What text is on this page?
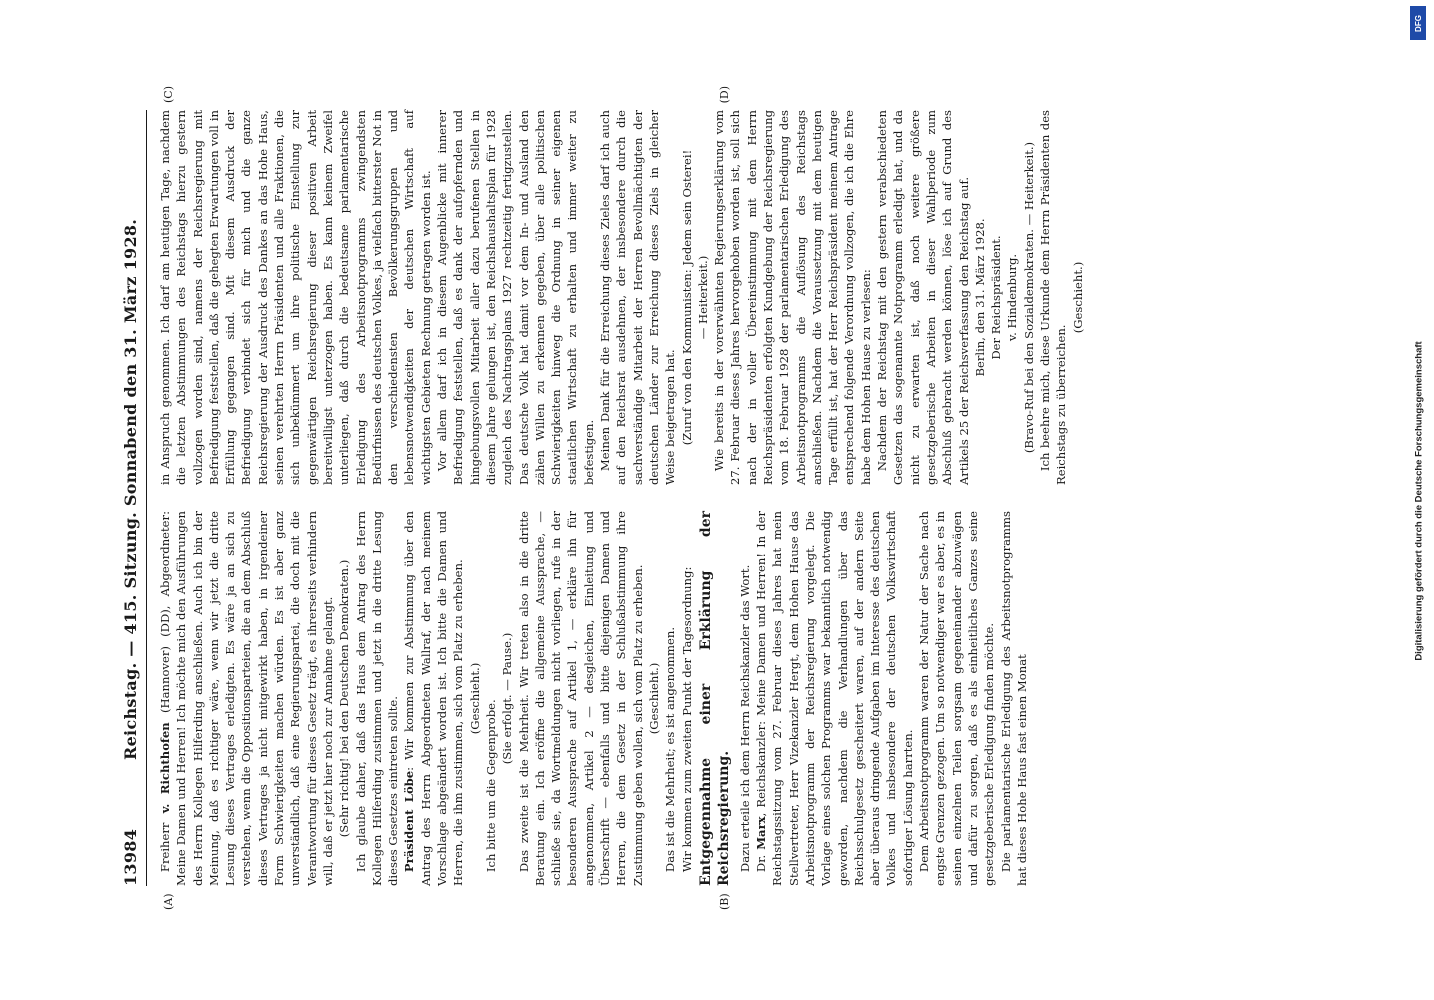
13984
Reichstag. — 415. Sitzung. Sonnabend den 31. März 1928.
(A)	(B)

Freiherr v. Richthofen (Hannover) (DD), Abgeordneter: Meine Damen und Herren! Ich möchte mich den Ausführungen des Herrn Kollegen Hilferding anschließen. Auch ich bin der Meinung, daß es richtiger wäre, wenn wir jetzt die dritte Lesung dieses Vertrages erledigten. Es wäre ja an sich zu verstehen, wenn die Oppositionsparteien, die an dem Abschluß dieses Vertrages ja nicht mitgewirkt haben, in irgendeiner Form Schwierigkeiten machen würden. Es ist aber ganz unverständlich, daß eine Regierungspartei, die doch mit die Verantwortung für dieses Gesetz trägt, es ihrerseits verhindern will, daß er jetzt hier noch zur Annahme gelangt. (Sehr richtig! bei den Deutschen Demokraten.) Ich glaube daher, daß das Haus dem Antrag des Herrn Kollegen Hilferding zustimmen und jetzt in die dritte Lesung dieses Gesetzes eintreten sollte. Präsident Löbe: Wir kommen zur Abstimmung über den Antrag des Herrn Abgeordneten Wallraf, der nach meinem Vorschlage abgeändert worden ist. Ich bitte die Damen und Herren, die ihm zustimmen, sich vom Platz zu erheben. (Geschieht.)

Ich bitte um die Gegenprobe.

(Sie erfolgt. — Pause.) Das zweite ist die Mehrheit. Wir treten also in die dritte Beratung ein. Ich eröffne die allgemeine Aussprache, — schließe sie, da Wortmeldungen nicht vorliegen, rufe in der besonderen Aussprache auf Artikel 1, — erkläre ihn für angenommen, Artikel 2 — desgleichen, Einleitung und Überschrift — ebenfalls und bitte diejenigen Damen und Herren, die dem Gesetz in der Schlußabstimmung ihre Zustimmung geben wollen, sich vom Platz zu erheben. (Geschieht.) Das ist die Mehrheit; es ist angenommen. Wir kommen zum zweiten Punkt der Tagesordnung: Entgegennahme einer Erklärung der Reichsregierung. Dazu erteile ich dem Herrn Reichskanzler das Wort. Dr. Marx, Reichskanzler: Meine Damen und Herren! In der Reichstagssitzung vom 27. Februar dieses Jahres hat mein Stellvertreter, Herr Vizekanzler Hergt, dem Hohen Hause das Arbeitsnotprogramm der Reichsregierung vorgelegt. Die Vorlage eines solchen Programms war bekanntlich notwendig geworden, nachdem die Verhandlungen über das Reichsschulgesetz gescheitert waren, auf der andern Seite aber überaus dringende Aufgaben im Interesse des deutschen Volkes und insbesondere der deutschen Volkswirtschaft sofortiger Lösung harrten. Dem Arbeitsnotprogramm waren der Natur der Sache nach engste Grenzen gezogen. Um so notwendiger war es aber, es in seinen einzelnen Teilen sorgsam gegeneinander abzuwägen und dafür zu sorgen, daß es als einheitliches Ganzes seine gesetzgeberische Erledigung finden möchte. Die parlamentarische Erledigung des Arbeitsnotprogramms hat dieses Hohe Haus fast einen Monat

(C)	(D)

in Anspruch genommen. Ich darf am heutigen Tage, nachdem die letzten Abstimmungen des Reichstags hierzu gestern vollzogen worden sind, namens der Reichsregierung mit Befriedigung feststellen, daß die gehegten Erwartungen voll in Erfüllung gegangen sind. Mit diesem Ausdruck der Befriedigung verbindet sich für mich und die ganze Reichsregierung der Ausdruck des Dankes an das Hohe Haus, seinen verehrten Herrn Präsidenten und alle Fraktionen, die sich unbekümmert um ihre politische Einstellung zur gegenwärtigen Reichsregierung dieser positiven Arbeit bereitwilligst unterzogen haben. Es kann keinem Zweifel unterliegen, daß durch die bedeutsame parlamentarische Erledigung des Arbeitsnotprogramms zwingendsten Bedürfnissen des deutschen Volkes, ja vielfach bitterster Not in den verschiedensten Bevölkerungsgruppen und lebensnotwendigkeiten der deutschen Wirtschaft auf wichtigsten Gebieten Rechnung getragen worden ist. Vor allem darf ich in diesem Augenblicke mit innerer Befriedigung feststellen, daß es dank der aufopfernden und hingebungsvollen Mitarbeit aller dazu berufenen Stellen in diesem Jahre gelungen ist, den Reichshaushaltsplan für 1928 zugleich des Nachtragsplans 1927 rechtzeitig fertigzustellen. Das deutsche Volk hat damit vor dem In- und Ausland den zähen Willen zu erkennen gegeben, über alle politischen Schwierigkeiten hinweg die Ordnung in seiner eigenen staatlichen Wirtschaft zu erhalten und immer weiter zu befestigen. Meinen Dank für die Erreichung dieses Zieles darf ich auch auf den Reichsrat ausdehnen, der insbesondere durch die sachverständige Mitarbeit der Herren Bevollmächtigten der deutschen Länder zur Erreichung dieses Ziels in gleicher Weise beigetragen hat. (Zuruf von den Kommunisten: Jedem sein Osterei! — Heiterkeit.) Wie bereits in der vorerwähnten Regierungserklärung vom 27. Februar dieses Jahres hervorgehoben worden ist, soll sich nach der in voller Übereinstimmung mit dem Herrn Reichspräsidenten erfolgten Kundgebung der Reichsregierung vom 18. Februar 1928 der parlamentarischen Erledigung des Arbeitsnotprogramms die Auflösung des Reichstags anschließen. Nachdem die Voraussetzung mit dem heutigen Tage erfüllt ist, hat der Herr Reichspräsident meinem Antrage entsprechend folgende Verordnung vollzogen, die ich die Ehre habe dem Hohen Hause zu verlesen: Nachdem der Reichstag mit den gestern verabschiedeten Gesetzen das sogenannte Notprogramm erledigt hat, und da nicht zu erwarten ist, daß noch weitere größere gesetzgeberische Arbeiten in dieser Wahlperiode zum Abschluß gebracht werden können, löse ich auf Grund des Artikels 25 der Reichsverfassung den Reichstag auf. Berlin, den 31. März 1928. Der Reichspräsident. v. Hindenburg. (Bravo-Ruf bei den Sozialdemokraten. — Heiterkeit.) Ich beehre mich, diese Urkunde dem Herrn Präsidenten des Reichstags zu überreichen.

(Geschieht.)

DFG
Digitalisierung gefördert durch die Deutsche Forschungsgemeinschaft
